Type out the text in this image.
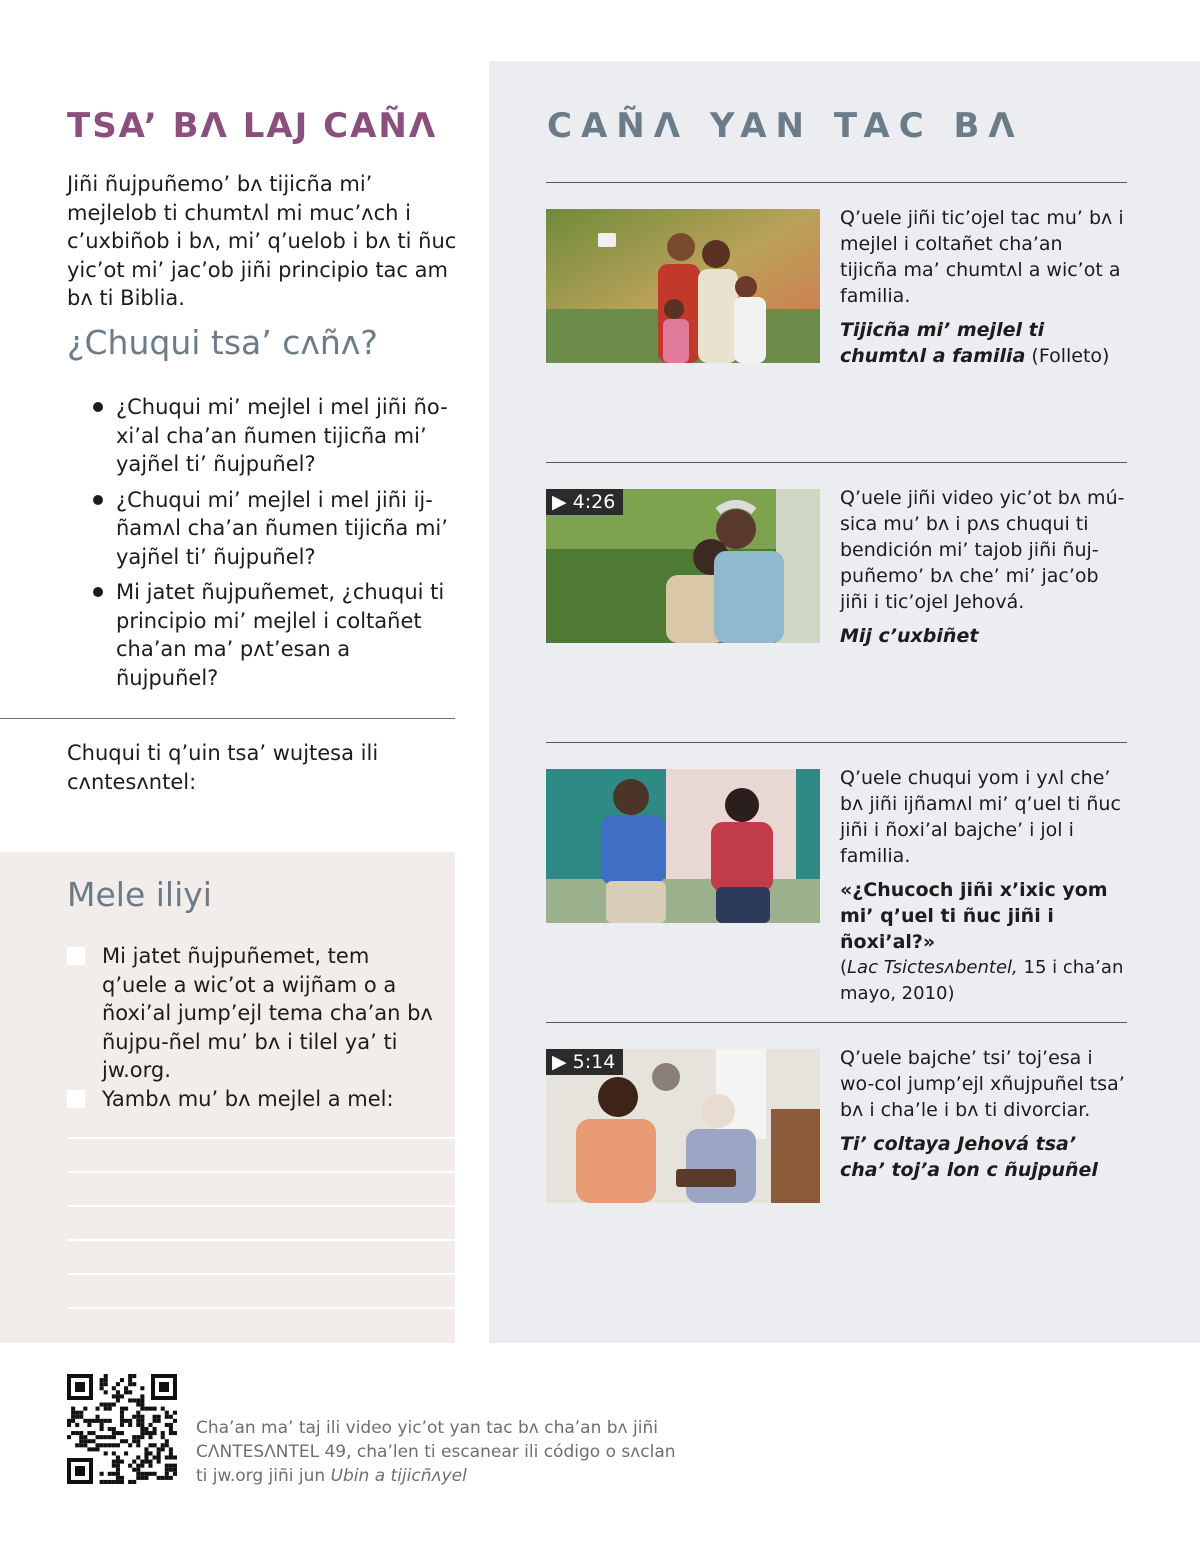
TSA’ BΛ LAJ CAÑΛ

Jiñi ñujpuñemo’ bʌ tijicña mi’ mejlelob ti chumtʌl mi muc’ʌch i c’uxbiñob i bʌ, mi’ q’uelob i bʌ ti ñuc yic’ot mi’ jac’ob jiñi principio tac am bʌ ti Biblia.

¿Chuqui tsa’ cʌñʌ?
¿Chuqui mi’ mejlel i mel jiñi ño-xi’al cha’an ñumen tijicña mi’ yajñel ti’ ñujpuñel?
¿Chuqui mi’ mejlel i mel jiñi ij-ñamʌl cha’an ñumen tijicña mi’ yajñel ti’ ñujpuñel?
Mi jatet ñujpuñemet, ¿chuqui ti principio mi’ mejlel i coltañet cha’an ma’ pʌt’esan a ñujpuñel?

Chuqui ti q’uin tsa’ wujtesa ili cʌntesʌntel:

Mele iliyi

Mi jatet ñujpuñemet, tem q’uele a wic’ot a wijñam o a ñoxi’al jump’ejl tema cha’an bʌ ñujpu-ñel mu’ bʌ i tilel ya’ ti jw.org.

Yambʌ mu’ bʌ mejlel a mel:

CAÑΛ YAN TAC BΛ

Q’uele jiñi tic’ojel tac mu’ bʌ i mejlel i coltañet cha’an tijicña ma’ chumtʌl a wic’ot a familia.

Tijicña mi’ mejlel ti chumtʌl a familia (Folleto)

▶ 4:26	Q’uele jiñi video yic’ot bʌ mú-sica mu’ bʌ i pʌs chuqui ti bendición mi’ tajob jiñi ñuj-puñemo’ bʌ che’ mi’ jac’ob jiñi i tic’ojel Jehová.

Mij c’uxbiñet

Q’uele chuqui yom i yʌl che’ bʌ jiñi ijñamʌl mi’ q’uel ti ñuc jiñi i ñoxi’al bajche’ i jol i familia.

«¿Chucoch jiñi x’ixic yom mi’ q’uel ti ñuc jiñi i ñoxi’al?»

(Lac Tsictesʌbentel, 15 i cha’an mayo, 2010)

▶ 5:14	Q’uele bajche’ tsi’ toj’esa i wo-col jump’ejl xñujpuñel tsa’ bʌ i cha’le i bʌ ti divorciar.

Ti’ coltaya Jehová tsa’ cha’ toj’a lon c ñujpuñel

Cha’an ma’ taj ili video yic’ot yan tac bʌ cha’an bʌ jiñi
CΛNTESΛNTEL 49, cha’len ti escanear ili código o sʌclan
ti jw.org jiñi jun Ubin a tijicñʌyel
